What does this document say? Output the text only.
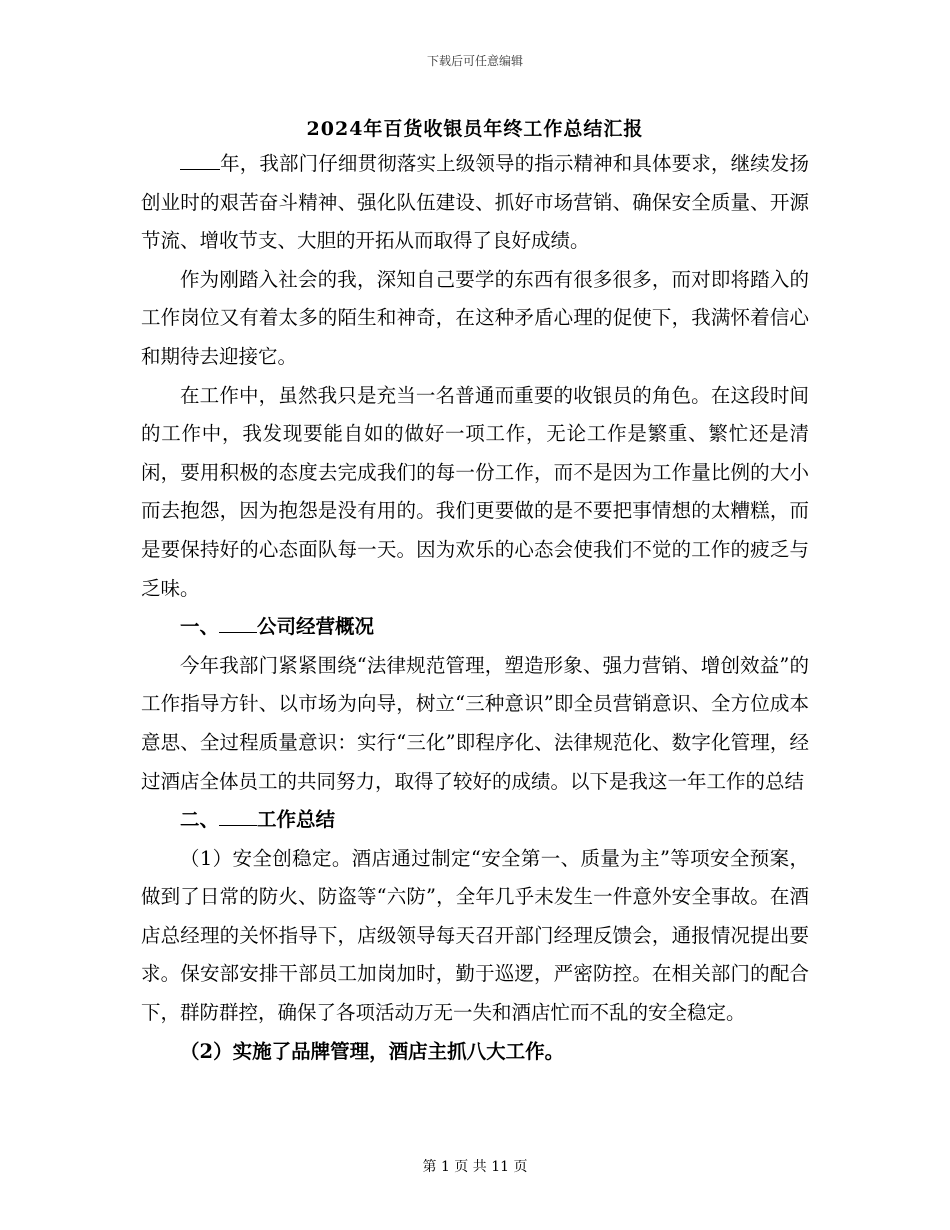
下载后可任意编辑
2024年百货收银员年终工作总结汇报

年，我部门仔细贯彻落实上级领导的指示精神和具体要求，继续发扬创业时的艰苦奋斗精神、强化队伍建设、抓好市场营销、确保安全质量、开源节流、增收节支、大胆的开拓从而取得了良好成绩。

作为刚踏入社会的我，深知自己要学的东西有很多很多，而对即将踏入的工作岗位又有着太多的陌生和神奇，在这种矛盾心理的促使下，我满怀着信心和期待去迎接它。

在工作中，虽然我只是充当一名普通而重要的收银员的角色。在这段时间的工作中，我发现要能自如的做好一项工作，无论工作是繁重、繁忙还是清闲，要用积极的态度去完成我们的每一份工作，而不是因为工作量比例的大小而去抱怨，因为抱怨是没有用的。我们更要做的是不要把事情想的太糟糕，而是要保持好的心态面队每一天。因为欢乐的心态会使我们不觉的工作的疲乏与乏味。

一、 公司经营概况

今年我部门紧紧围绕“法律规范管理，塑造形象、强力营销、增创效益”的工作指导方针、以市场为向导，树立“三种意识”即全员营销意识、全方位成本意思、全过程质量意识：实行“三化”即程序化、法律规范化、数字化管理，经过酒店全体员工的共同努力，取得了较好的成绩。以下是我这一年工作的总结

二、 工作总结

（1）安全创稳定。酒店通过制定“安全第一、质量为主”等项安全预案，做到了日常的防火、防盗等“六防”，全年几乎未发生一件意外安全事故。在酒店总经理的关怀指导下，店级领导每天召开部门经理反馈会，通报情况提出要求。保安部安排干部员工加岗加时，勤于巡逻，严密防控。在相关部门的配合下，群防群控，确保了各项活动万无一失和酒店忙而不乱的安全稳定。

（2）实施了品牌管理，酒店主抓八大工作。

第 1 页 共 11 页
